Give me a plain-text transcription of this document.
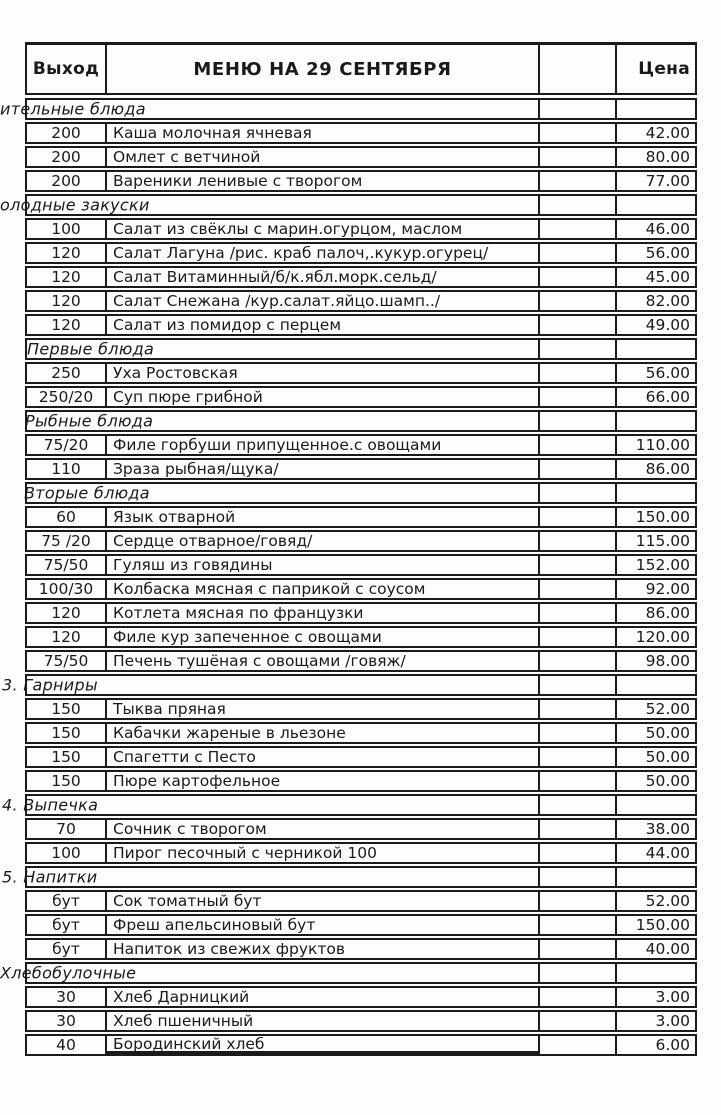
Выход	МЕНЮ НА 29 СЕНТЯБРЯ	Цена
ительные блюда
200 Каша молочная ячневая	42.00
200 Омлет с ветчиной	80.00
200 Вареники ленивые с творогом	77.00
олодные закуски
100 Салат из свёклы с марин.огурцом, маслом	46.00
120 Салат Лагуна /рис. краб палоч,.кукур.огурец/	56.00
120 Салат Витаминный/б/к.ябл.морк.сельд/	45.00
120 Салат Снежана /кур.салат.яйцо.шамп../	82.00
120 Салат из помидор с перцем	49.00
Первые блюда
250 Уха Ростовская	56.00
250/20 Суп пюре грибной	66.00
Рыбные блюда
75/20 Филе горбуши припущенное.с овощами	110.00
110 Зраза рыбная/щука/	86.00
Вторые блюда
60 Язык отварной	150.00
75 /20 Сердце отварное/говяд/	115.00
75/50 Гуляш из говядины	152.00
100/30 Колбаска мясная с паприкой с соусом	92.00
120 Котлета мясная по французки	86.00
120 Филе кур запеченное с овощами	120.00
75/50 Печень тушёная с овощами /говяж/	98.00
3. Гарниры
150 Тыква пряная	52.00
150 Кабачки жареные в льезоне	50.00
150 Спагетти с Песто	50.00
150 Пюре картофельное	50.00
4. Выпечка
70 Сочник с творогом	38.00
100 Пирог песочный с черникой 100	44.00
5. Напитки
бут Сок томатный бут	52.00
бут Фреш апельсиновый бут	150.00
бут Напиток из свежих фруктов	40.00
Хлебобулочные
30 Хлеб Дарницкий	3.00
30 Хлеб пшеничный	3.00
40 Бородинский хлеб	6.00
